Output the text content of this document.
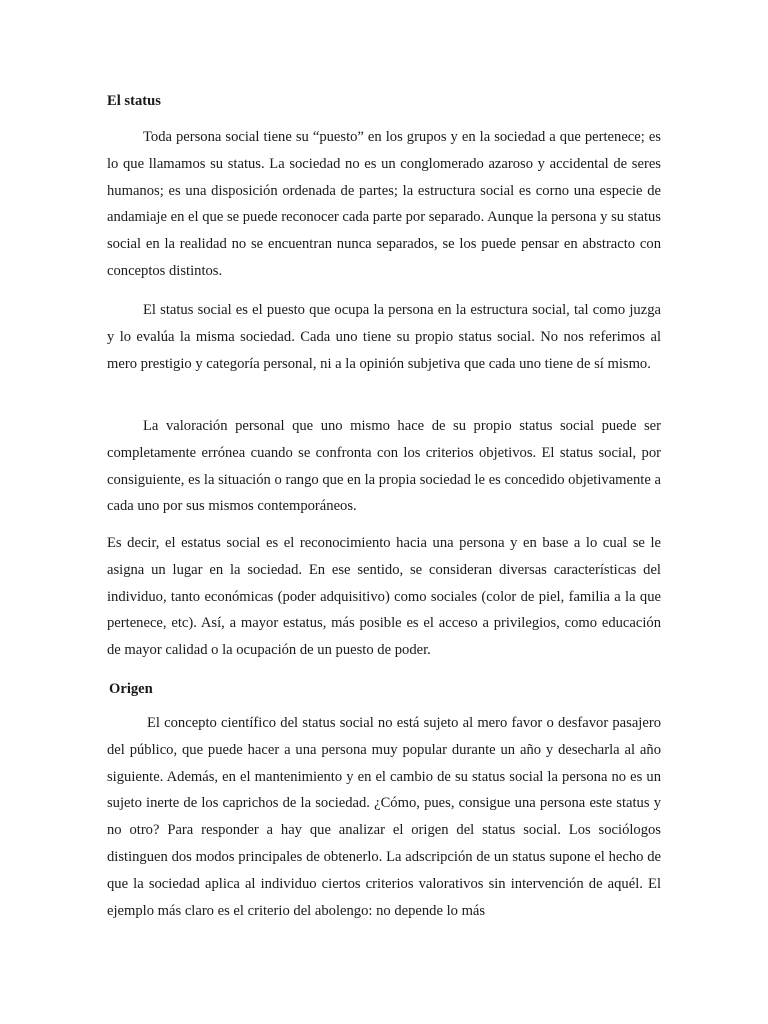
El status

Toda persona social tiene su “puesto” en los grupos y en la sociedad a que pertenece; es lo que llamamos su status. La sociedad no es un conglomerado azaroso y accidental de seres humanos; es una disposición ordenada de partes; la estructura social es corno una especie de andamiaje en el que se puede reconocer cada parte por separado. Aunque la persona y su status social en la realidad no se encuentran nunca separados, se los puede pensar en abstracto con conceptos distintos.

El status social es el puesto que ocupa la persona en la estructura social, tal como juzga y lo evalúa la misma sociedad. Cada uno tiene su propio status social. No nos referimos al mero prestigio y categoría personal, ni a la opinión subjetiva que cada uno tiene de sí mismo.

La valoración personal que uno mismo hace de su propio status social puede ser completamente errónea cuando se confronta con los criterios objetivos. El status social, por consiguiente, es la situación o rango que en la propia sociedad le es concedido objetivamente a cada uno por sus mismos contemporáneos.

Es decir, el estatus social es el reconocimiento hacia una persona y en base a lo cual se le asigna un lugar en la sociedad. En ese sentido, se consideran diversas características del individuo, tanto económicas (poder adquisitivo) como sociales (color de piel, familia a la que pertenece, etc). Así, a mayor estatus, más posible es el acceso a privilegios, como educación de mayor calidad o la ocupación de un puesto de poder.

Origen

El concepto científico del status social no está sujeto al mero favor o desfavor pasajero del público, que puede hacer a una persona muy popular durante un año y desecharla al año siguiente. Además, en el mantenimiento y en el cambio de su status social la persona no es un sujeto inerte de los caprichos de la sociedad. ¿Cómo, pues, consigue una persona este status y no otro? Para responder a hay que analizar el origen del status social. Los sociólogos distinguen dos modos principales de obtenerlo. La adscripción de un status supone el hecho de que la sociedad aplica al individuo ciertos criterios valorativos sin intervención de aquél. El ejemplo más claro es el criterio del abolengo: no depende lo más
